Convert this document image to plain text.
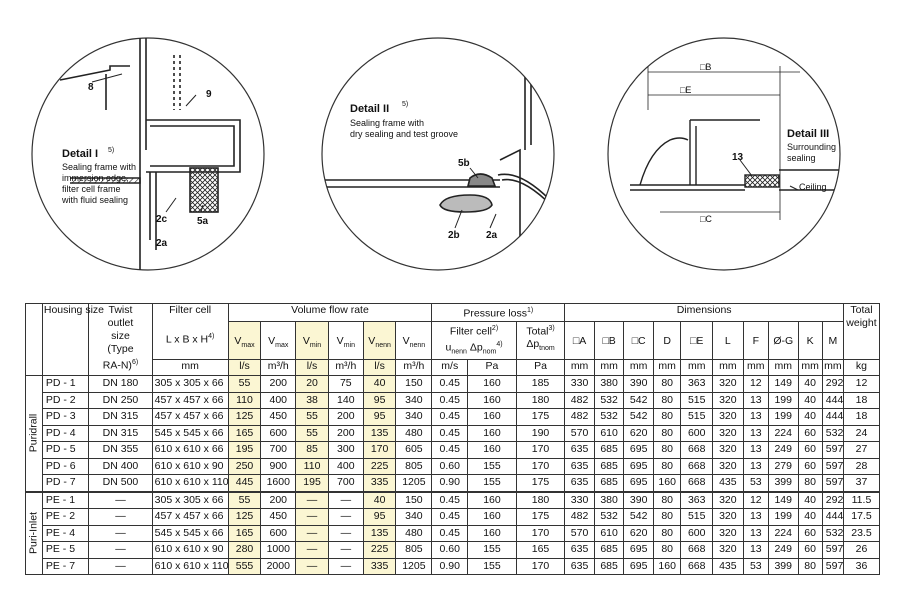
Detail I 5)
Sealing frame with
immersion edge,
filter cell frame
with fluid sealing
8
9
2c	5a
2a
Detail II 5)
Sealing frame with
dry sealing and test groove
5b
2b	2a
□B
□E
□C
Detail III
Surrounding
sealing
13
Ceiling
	Housing size	Twist
outlet
size
(Type
RA-N)$^{6)}$	Filter cell

L x B x $H^{4)}$	Volume flow rate						Pressure loss$^{1)}$			Dimensions										Total
weight

$V_{max}$	$V_{max}$	$V_{min}$	$V_{min}$	$V_{nenn}$	$V_{nenn}$	Filter cell$^{2)}$
$u_{nenn}$ $\Delta p_{nom}^{4)}$		Total$^{3)}$
$\Delta p_{tnom}$	□A	□B	□C	D	□E	L	F	Ø-G	K	M	
			mm	l/s	m³/h	l/s	m³/h	l/s	m³/h	m/s	Pa	Pa	mm	mm	mm	mm	mm	mm	mm	mm	mm	mm	kg

Puridrall	PD - 1	DN 180	305 x 305 x 66	55	200	20	75	40	150	0.45	160	185	330	380	390	80	363	320	12	149	40	292	12
	PD - 2	DN 250	457 x 457 x 66	110	400	38	140	95	340	0.45	160	180	482	532	542	80	515	320	13	199	40	444	18
	PD - 3	DN 315	457 x 457 x 66	125	450	55	200	95	340	0.45	160	175	482	532	542	80	515	320	13	199	40	444	18
	PD - 4	DN 315	545 x 545 x 66	165	600	55	200	135	480	0.45	160	190	570	610	620	80	600	320	13	224	60	532	24
	PD - 5	DN 355	610 x 610 x 66	195	700	85	300	170	605	0.45	160	170	635	685	695	80	668	320	13	249	60	597	27
	PD - 6	DN 400	610 x 610 x 90	250	900	110	400	225	805	0.60	155	170	635	685	695	80	668	320	13	279	60	597	28
	PD - 7	DN 500	610 x 610 x 110	445	1600	195	700	335	1205	0.90	155	175	635	685	695	160	668	435	53	399	80	597	37

Puri-Inlet	PE - 1	—	305 x 305 x 66	55	200	—	—	40	150	0.45	160	180	330	380	390	80	363	320	12	149	40	292	11.5
	PE - 2	—	457 x 457 x 66	125	450	—	—	95	340	0.45	160	175	482	532	542	80	515	320	13	199	40	444	17.5
	PE - 4	—	545 x 545 x 66	165	600	—	—	135	480	0.45	160	170	570	610	620	80	600	320	13	224	60	532	23.5
	PE - 5	—	610 x 610 x 90	280	1000	—	—	225	805	0.60	155	165	635	685	695	80	668	320	13	249	60	597	26
	PE - 7	—	610 x 610 x 110	555	2000	—	—	335	1205	0.90	155	170	635	685	695	160	668	435	53	399	80	597	36
